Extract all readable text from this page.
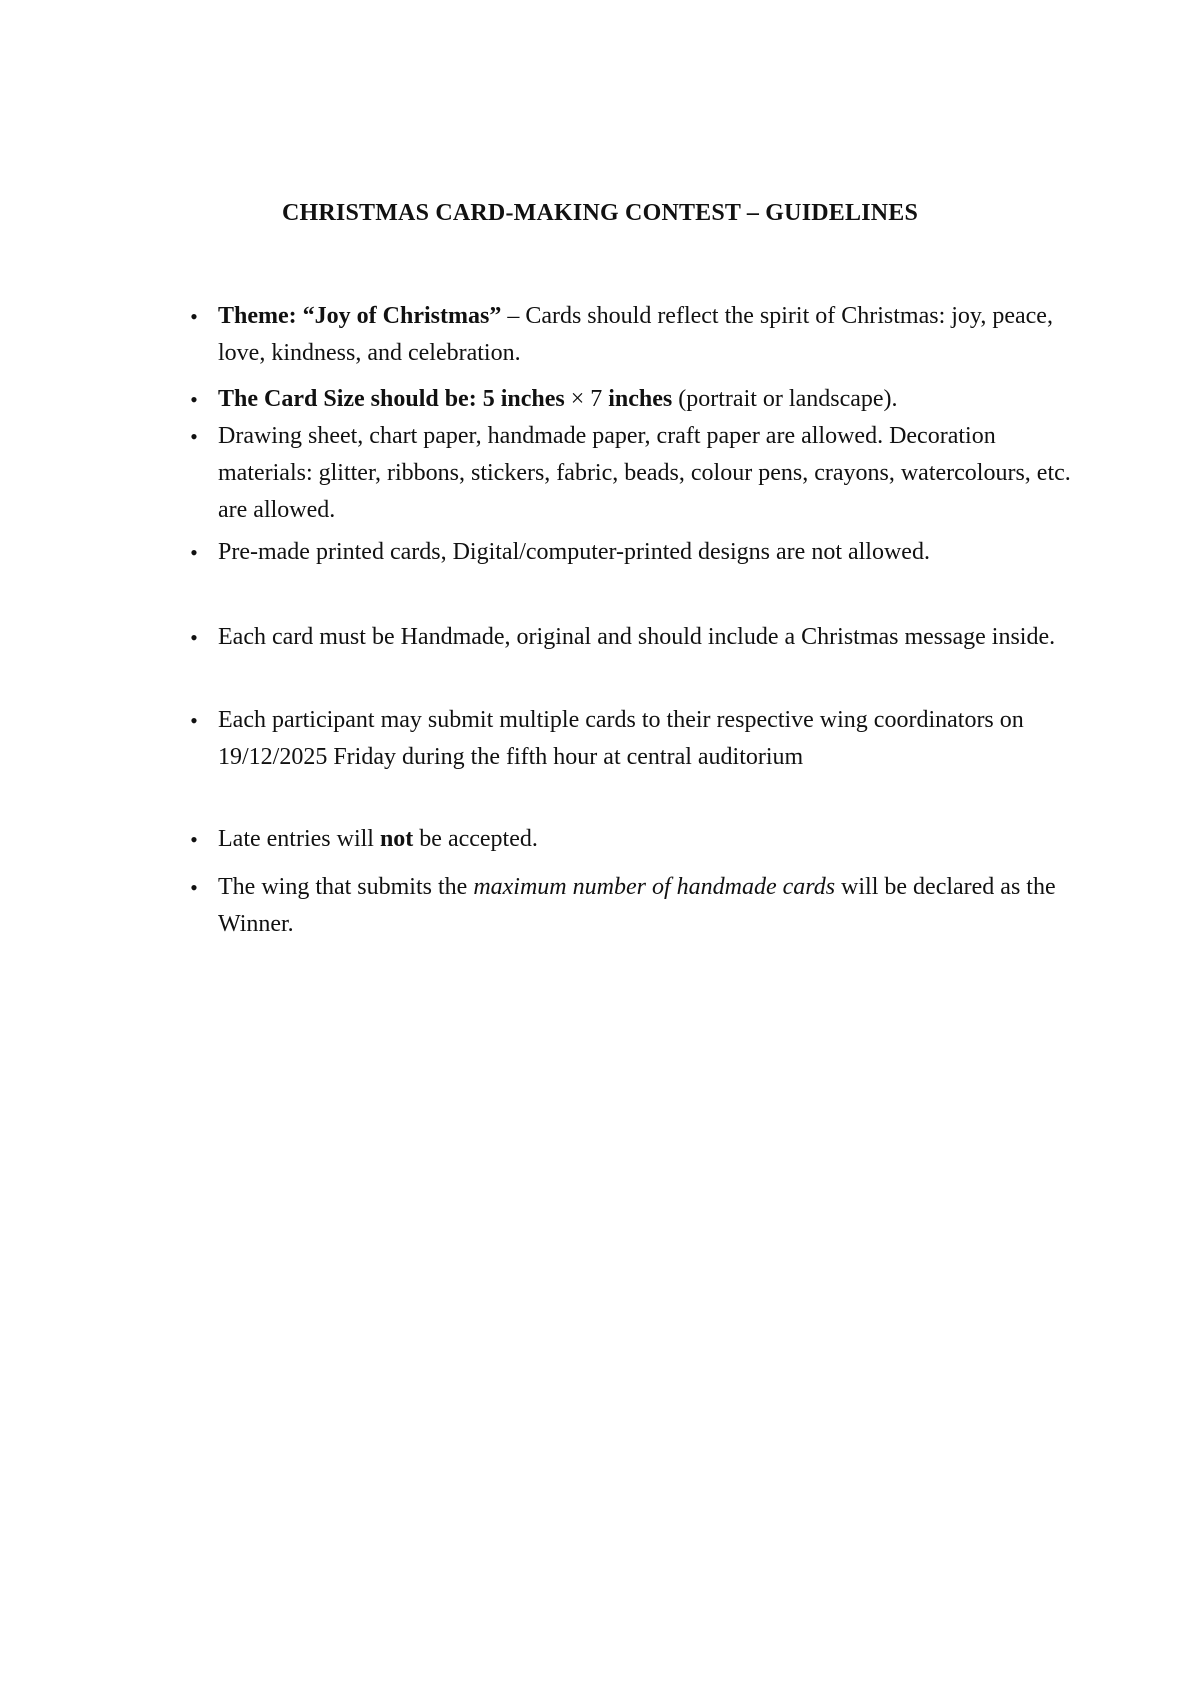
CHRISTMAS CARD-MAKING CONTEST – GUIDELINES
• Theme: “Joy of Christmas” – Cards should reflect the spirit of Christmas: joy, peace, love, kindness, and celebration.
• The Card Size should be: 5 inches × 7 inches (portrait or landscape).
• Drawing sheet, chart paper, handmade paper, craft paper are allowed. Decoration materials: glitter, ribbons, stickers, fabric, beads, colour pens, crayons, watercolours, etc. are allowed.
• Pre-made printed cards, Digital/computer-printed designs are not allowed.
• Each card must be Handmade, original and should include a Christmas message inside.
• Each participant may submit multiple cards to their respective wing coordinators on 19/12/2025 Friday during the fifth hour at central auditorium
• Late entries will not be accepted.
• The wing that submits the maximum number of handmade cards will be declared as the Winner.
